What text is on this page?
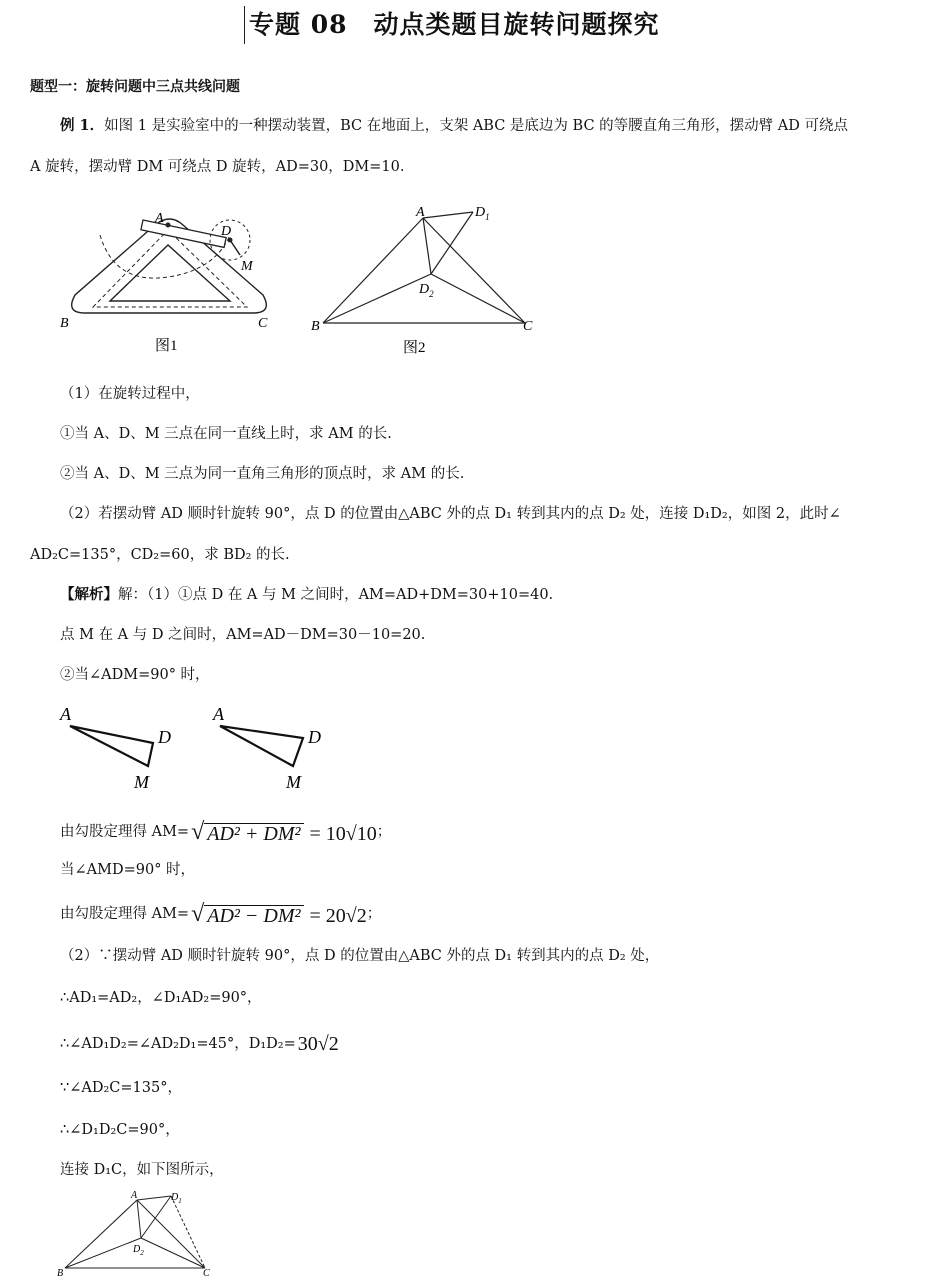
专题 08　动点类题目旋转问题探究
题型一：旋转问题中三点共线问题
例 1．如图 1 是实验室中的一种摆动装置，BC 在地面上，支架 ABC 是底边为 BC 的等腰直角三角形，摆动臂 AD 可绕点
A 旋转，摆动臂 DM 可绕点 D 旋转，AD=30，DM=10.
A
D
M
B	C
图1
A	$D_1$
$D_2$
B	C
图2
（1）在旋转过程中，
①当 A、D、M 三点在同一直线上时，求 AM 的长.
②当 A、D、M 三点为同一直角三角形的顶点时，求 AM 的长.
（2）若摆动臂 AD 顺时针旋转 90°，点 D 的位置由△ABC 外的点 D₁ 转到其内的点 D₂ 处，连接 D₁D₂，如图 2，此时∠
AD₂C=135°，CD₂=60，求 BD₂ 的长.
【解析】解：（1）①点 D 在 A 与 M 之间时，AM=AD+DM=30+10=40.
点 M 在 A 与 D 之间时，AM=AD－DM=30－10=20.
②当∠ADM=90° 时，
A
D
M
A
D
M
由勾股定理得 AM= √ AD² + DM² = 10√10 ；
当∠AMD=90° 时，
由勾股定理得 AM= √ AD² − DM² = 20√2 ；
（2）∵摆动臂 AD 顺时针旋转 90°，点 D 的位置由△ABC 外的点 D₁ 转到其内的点 D₂ 处，
∴AD₁=AD₂，∠D₁AD₂=90°，
∴∠AD₁D₂=∠AD₂D₁=45°，D₁D₂= 30√2
∵∠AD₂C=135°，
∴∠D₁D₂C=90°，
连接 D₁C，如下图所示，
A	$D_1$
$D_2$
B	C
